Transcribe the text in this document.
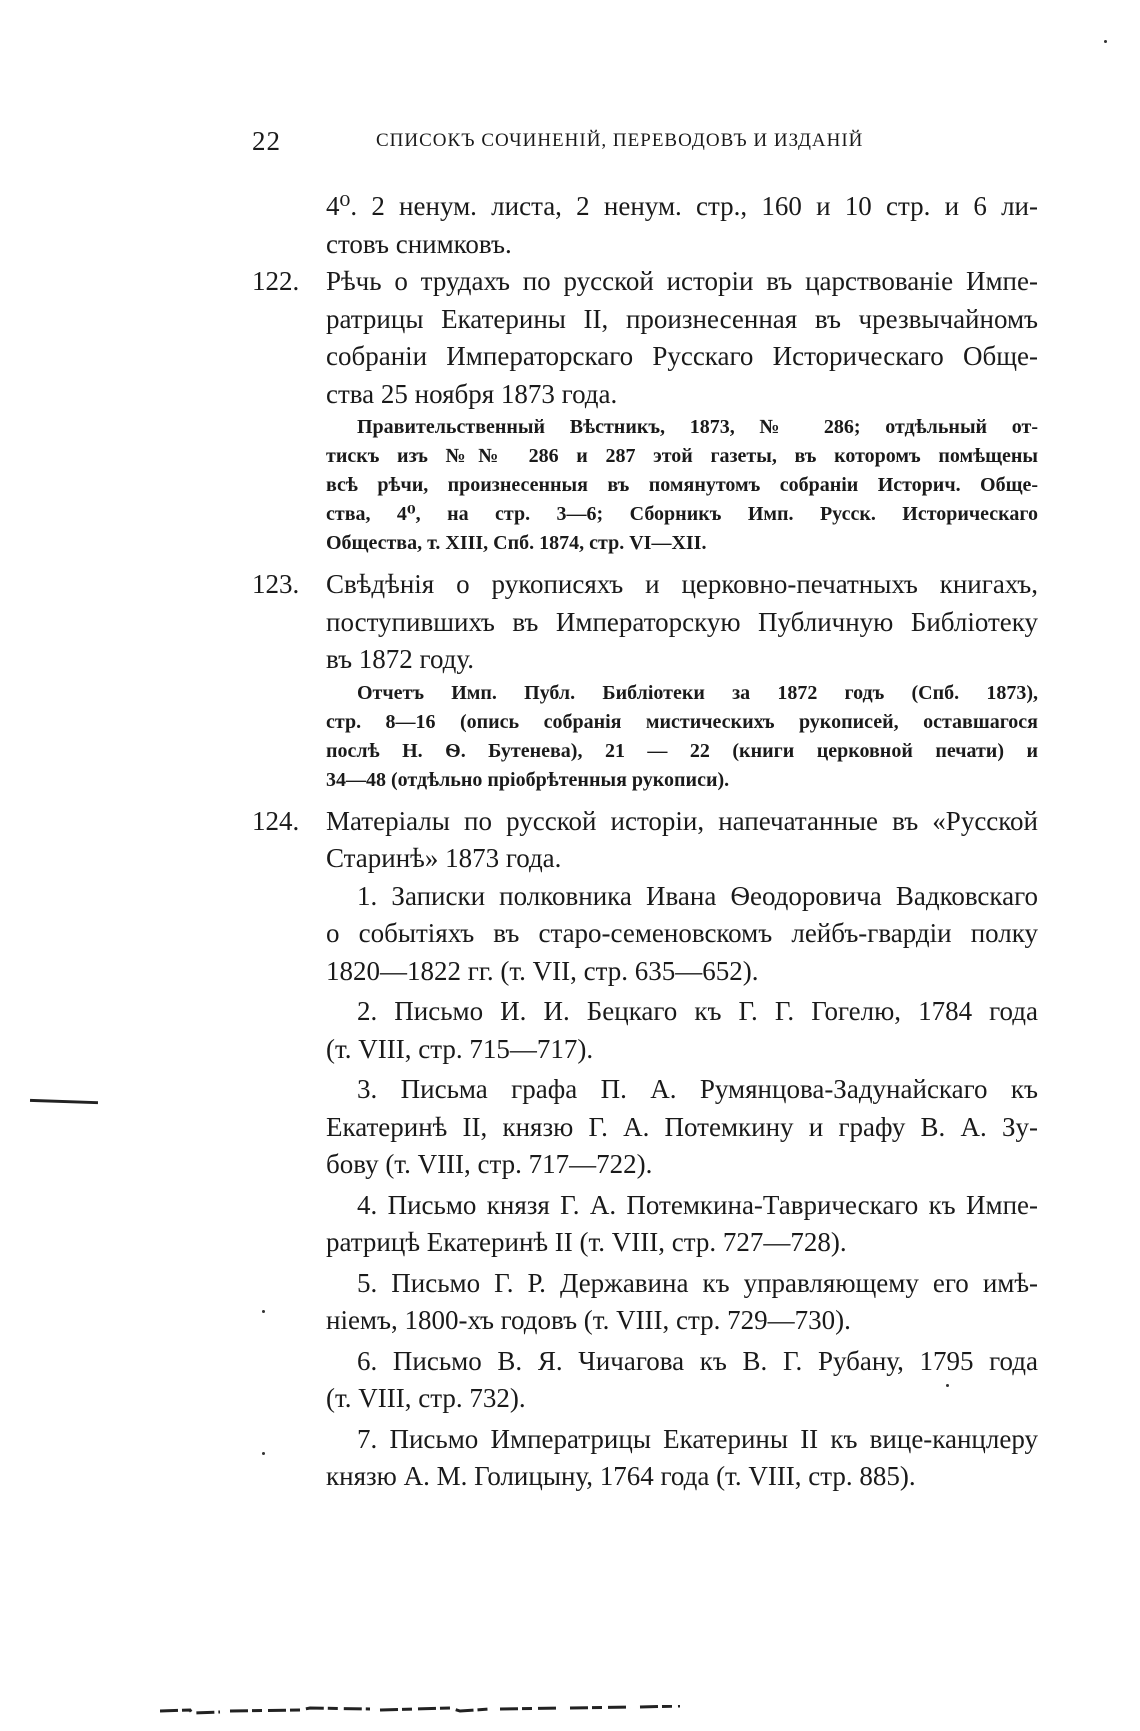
22	СПИСОКЪ СОЧИНЕНІЙ, ПЕРЕВОДОВЪ И ИЗДАНІЙ
4⁰. 2 ненум. листа, 2 ненум. стр., 160 и 10 стр. и 6 ли-
стовъ снимковъ.
122. Рѣчь о трудахъ по русской исторіи въ царствованіе Импе-
ратрицы Екатерины II, произнесенная въ чрезвычайномъ
собраніи Императорскаго Русскаго Историческаго Обще-
ства 25 ноября 1873 года.
Правительственный Вѣстникъ, 1873, № 286; отдѣльный от-
тискъ изъ №№ 286 и 287 этой газеты, въ которомъ помѣщены
всѣ рѣчи, произнесенныя въ помянутомъ собраніи Историч. Обще-
ства, 4⁰, на стр. 3—6; Сборникъ Имп. Русск. Историческаго
Общества, т. XIII, Спб. 1874, стр. VI—XII.
123. Свѣдѣнія о рукописяхъ и церковно-печатныхъ книгахъ,
поступившихъ въ Императорскую Публичную Библіотеку
въ 1872 году.
Отчетъ Имп. Публ. Библіотеки за 1872 годъ (Спб. 1873),
стр. 8—16 (опись собранія мистическихъ рукописей, оставшагося
послѣ Н. Ѳ. Бутенева), 21 — 22 (книги церковной печати) и
34—48 (отдѣльно пріобрѣтенныя рукописи).
124. Матеріалы по русской исторіи, напечатанные въ «Русской
Старинѣ» 1873 года.
1. Записки полковника Ивана Ѳеодоровича Вадковскаго
о событіяхъ въ старо-семеновскомъ лейбъ-гвардіи полку
1820—1822 гг. (т. VII, стр. 635—652).
2. Письмо И. И. Бецкаго къ Г. Г. Гогелю, 1784 года
(т. VIII, стр. 715—717).
3. Письма графа П. А. Румянцова-Задунайскаго къ
Екатеринѣ II, князю Г. А. Потемкину и графу В. А. Зу-
бову (т. VIII, стр. 717—722).
4. Письмо князя Г. А. Потемкина-Таврическаго къ Импе-
ратрицѣ Екатеринѣ II (т. VIII, стр. 727—728).
5. Письмо Г. Р. Державина къ управляющему его имѣ-
ніемъ, 1800-хъ годовъ (т. VIII, стр. 729—730).
6. Письмо В. Я. Чичагова къ В. Г. Рубану, 1795 года
(т. VIII, стр. 732).
7. Письмо Императрицы Екатерины II къ вице-канцлеру
князю А. М. Голицыну, 1764 года (т. VIII, стр. 885).
